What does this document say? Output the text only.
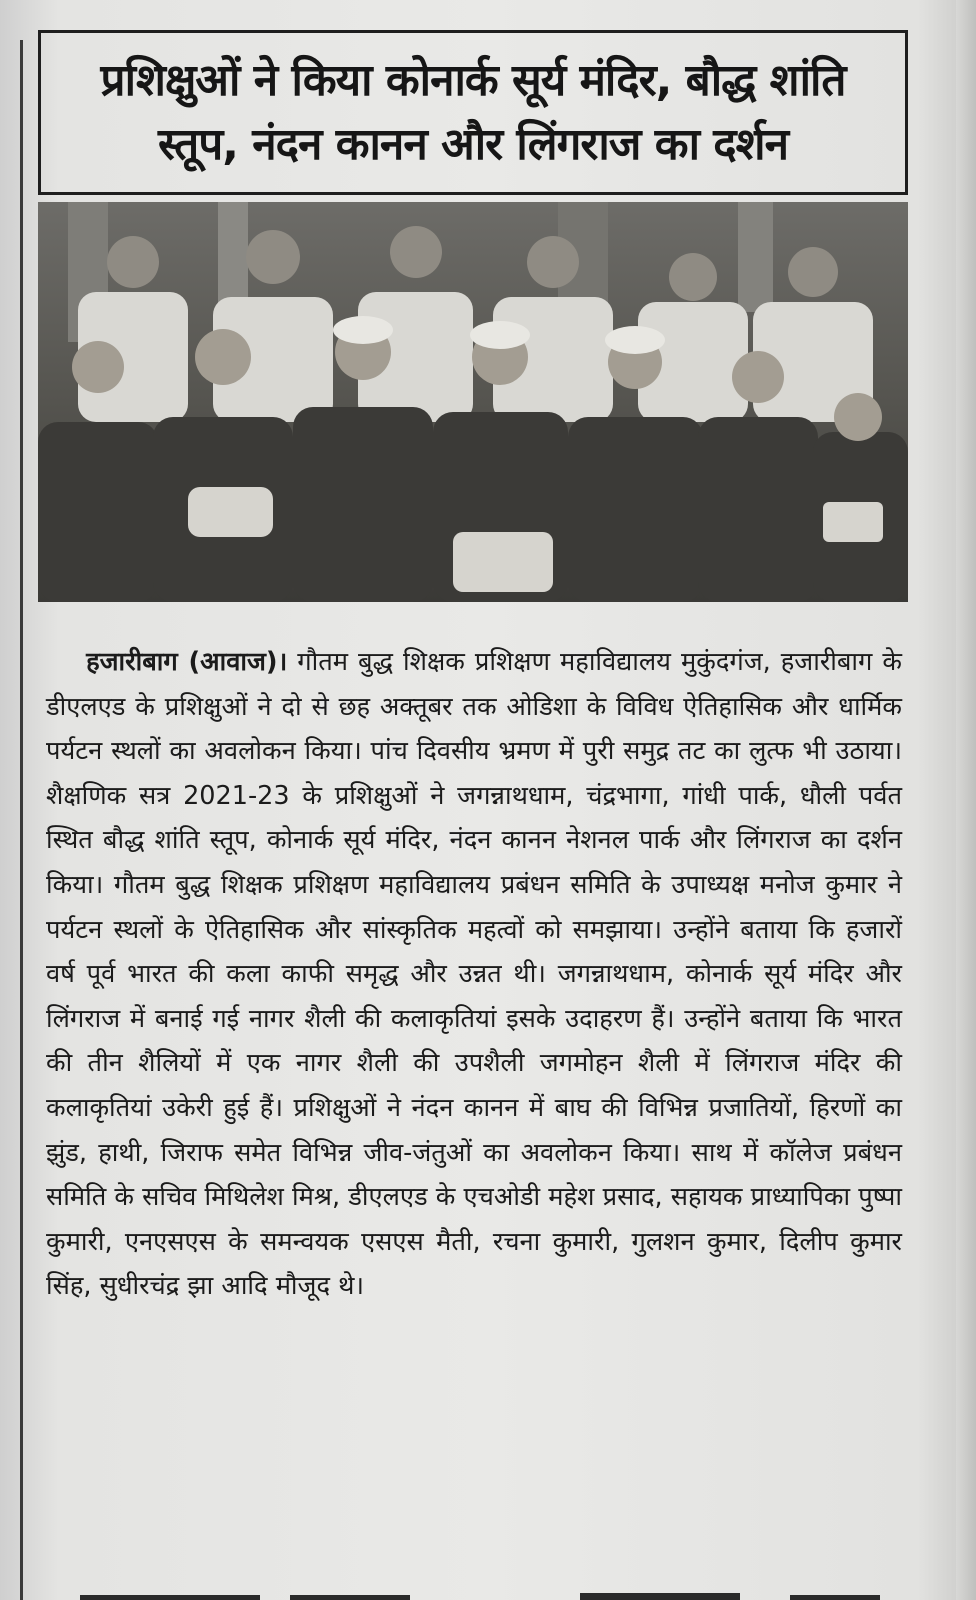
प्रशिक्षुओं ने किया कोनार्क सूर्य मंदिर, बौद्ध शांति
स्तूप, नंदन कानन और लिंगराज का दर्शन

हजारीबाग (आवाज)। गौतम बुद्ध शिक्षक प्रशिक्षण महाविद्यालय मुकुंदगंज, हजारीबाग के डीएलएड के प्रशिक्षुओं ने दो से छह अक्तूबर तक ओडिशा के विविध ऐतिहासिक और धार्मिक पर्यटन स्थलों का अवलोकन किया। पांच दिवसीय भ्रमण में पुरी समुद्र तट का लुत्फ भी उठाया। शैक्षणिक सत्र 2021-23 के प्रशिक्षुओं ने जगन्नाथधाम, चंद्रभागा, गांधी पार्क, धौली पर्वत स्थित बौद्ध शांति स्तूप, कोनार्क सूर्य मंदिर, नंदन कानन नेशनल पार्क और लिंगराज का दर्शन किया। गौतम बुद्ध शिक्षक प्रशिक्षण महाविद्यालय प्रबंधन समिति के उपाध्यक्ष मनोज कुमार ने पर्यटन स्थलों के ऐतिहासिक और सांस्कृतिक महत्वों को समझाया। उन्होंने बताया कि हजारों वर्ष पूर्व भारत की कला काफी समृद्ध और उन्नत थी। जगन्नाथधाम, कोनार्क सूर्य मंदिर और लिंगराज में बनाई गई नागर शैली की कलाकृतियां इसके उदाहरण हैं। उन्होंने बताया कि भारत की तीन शैलियों में एक नागर शैली की उपशैली जगमोहन शैली में लिंगराज मंदिर की कलाकृतियां उकेरी हुई हैं। प्रशिक्षुओं ने नंदन कानन में बाघ की विभिन्न प्रजातियों, हिरणों का झुंड, हाथी, जिराफ समेत विभिन्न जीव-जंतुओं का अवलोकन किया। साथ में कॉलेज प्रबंधन समिति के सचिव मिथिलेश मिश्र, डीएलएड के एचओडी महेश प्रसाद, सहायक प्राध्यापिका पुष्पा कुमारी, एनएसएस के समन्वयक एसएस मैती, रचना कुमारी, गुलशन कुमार, दिलीप कुमार सिंह, सुधीरचंद्र झा आदि मौजूद थे।
